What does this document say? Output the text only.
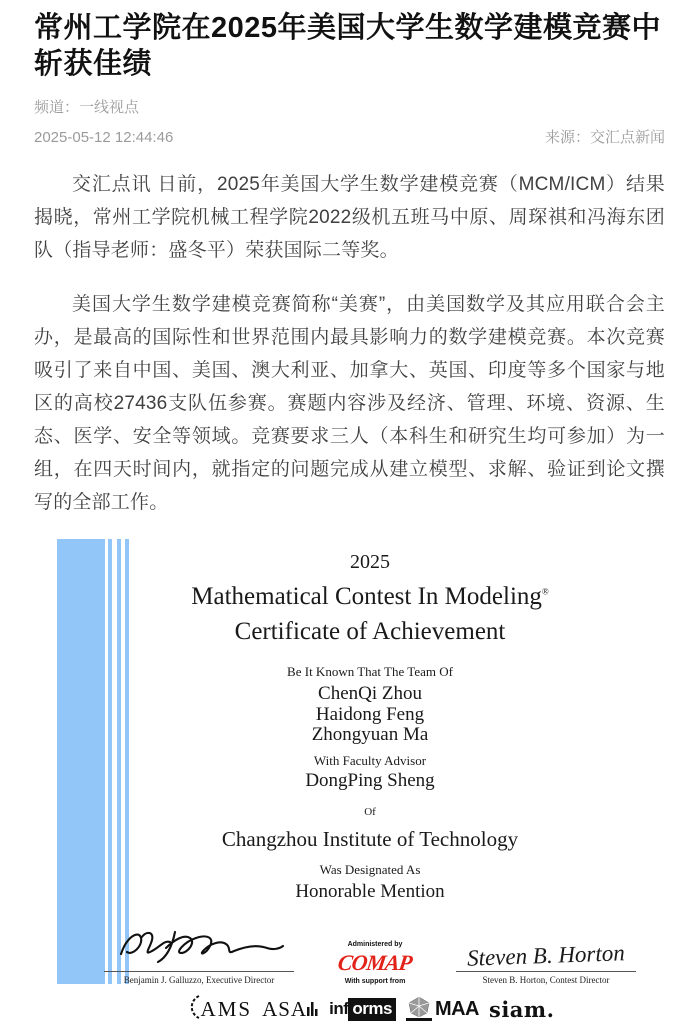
常州工学院在2025年美国大学生数学建模竞赛中斩获佳绩
频道：一线视点
2025-05-12 12:44:46	来源：交汇点新闻

交汇点讯 日前，2025年美国大学生数学建模竞赛（MCM/ICM）结果揭晓，常州工学院机械工程学院2022级机五班马中原、周琛祺和冯海东团队（指导老师：盛冬平）荣获国际二等奖。

美国大学生数学建模竞赛简称“美赛”，由美国数学及其应用联合会主办，是最高的国际性和世界范围内最具影响力的数学建模竞赛。本次竞赛吸引了来自中国、美国、澳大利亚、加拿大、英国、印度等多个国家与地区的高校27436支队伍参赛。赛题内容涉及经济、管理、环境、资源、生态、医学、安全等领域。竞赛要求三人（本科生和研究生均可参加）为一组，在四天时间内，就指定的问题完成从建立模型、求解、验证到论文撰写的全部工作。

2025
Mathematical Contest In Modeling®
Certificate of Achievement
Be It Known That The Team Of
ChenQi Zhou
Haidong Feng
Zhongyuan Ma
With Faculty Advisor
DongPing Sheng
Of
Changzhou Institute of Technology
Was Designated As
Honorable Mention
Benjamin J. Galluzzo, Executive Director
Administered by
COMAP
With support from
Steven B. Horton
Steven B. Horton, Contest Director
AMS ASA inf orms MAA siam.
